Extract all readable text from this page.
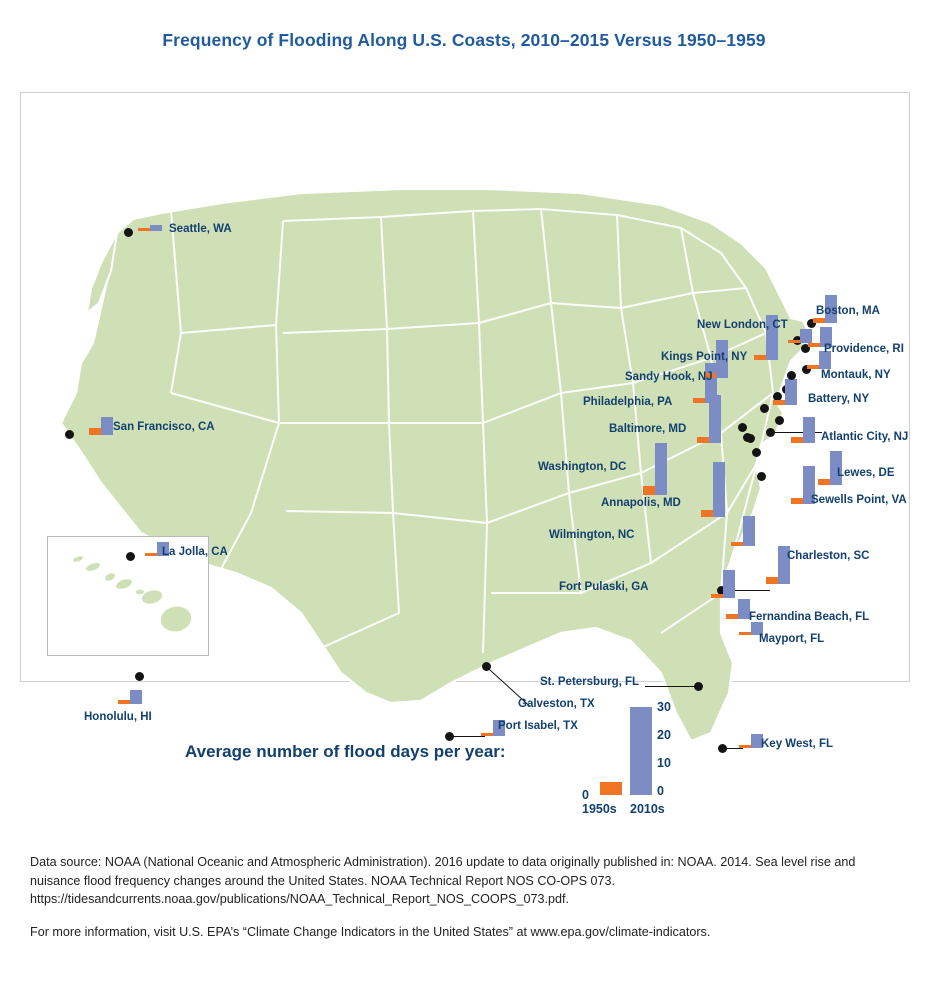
Frequency of Flooding Along U.S. Coasts, 2010–2015 Versus 1950–1959
Honolulu, HI
Seattle, WA
San Francisco, CA
La Jolla, CA
Port Isabel, TX
Galveston, TX
Key West, FL
St. Petersburg, FL
Mayport, FL
Fernandina Beach, FL
Charleston, SC
Fort Pulaski, GA
Wilmington, NC
Sewells Point, VA
Washington, DC
Annapolis, MD
Baltimore, MD
Lewes, DE
Atlantic City, NJ
Philadelphia, PA
Sandy Hook, NJ
Battery, NY
Kings Point, NY
Montauk, NY
New London, CT
Providence, RI
Boston, MA
Average number of flood days per year:
30
20
10
0
0
1950s 2010s

Data source: NOAA (National Oceanic and Atmospheric Administration). 2016 update to data originally published in: NOAA. 2014. Sea level rise and nuisance flood frequency changes around the United States. NOAA Technical Report NOS CO-OPS 073. https://tidesandcurrents.noaa.gov/publications/NOAA_Technical_Report_NOS_COOPS_073.pdf.

For more information, visit U.S. EPA’s “Climate Change Indicators in the United States” at www.epa.gov/climate-indicators.
